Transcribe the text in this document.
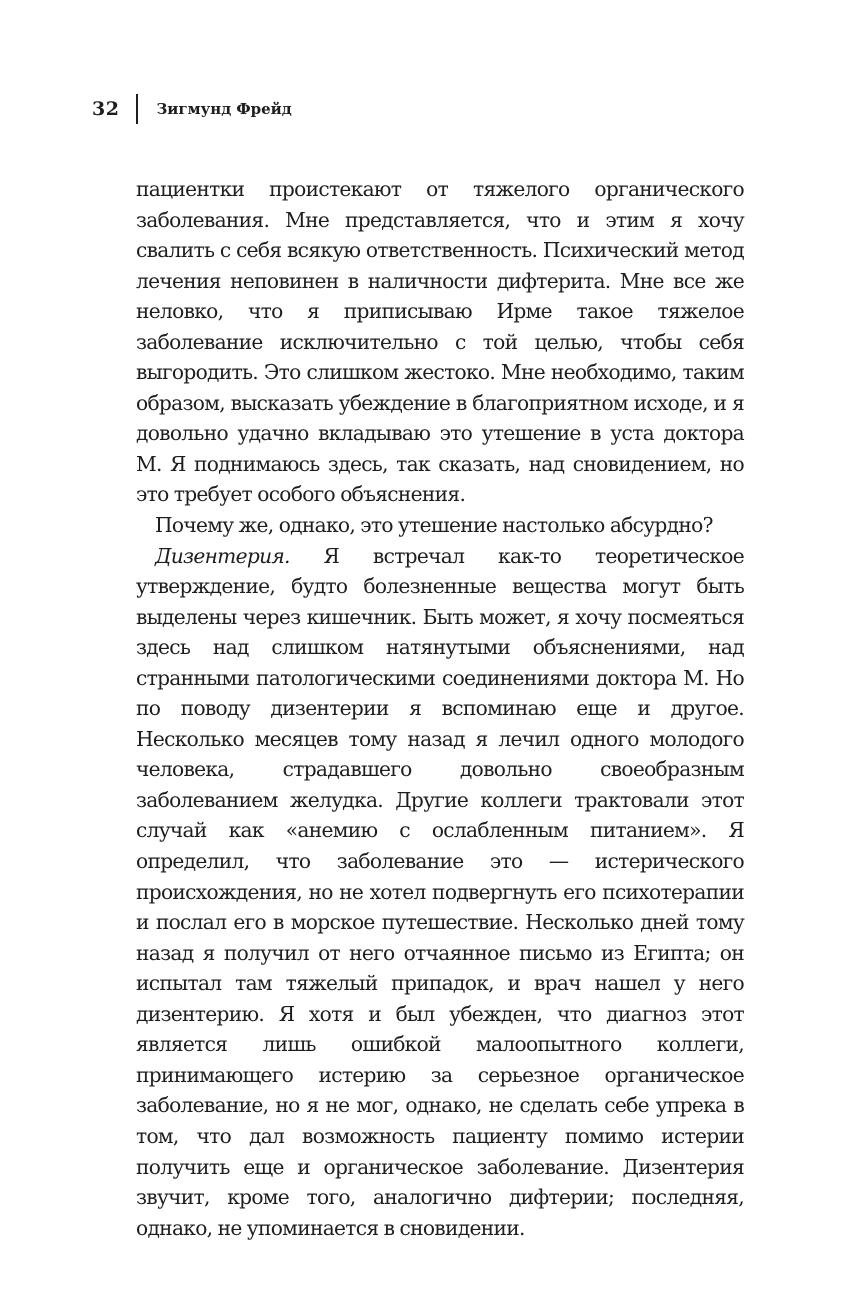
32 Зигмунд Фрейд

пациентки проистекают от тяжелого органического заболевания. Мне представляется, что и этим я хочу свалить с себя всякую ответственность. Психический метод лечения неповинен в наличности дифтерита. Мне все же неловко, что я приписываю Ирме такое тяжелое заболевание исключительно с той целью, чтобы себя выгородить. Это слишком жестоко. Мне необходимо, таким образом, высказать убеждение в благоприятном исходе, и я довольно удачно вкладываю это утешение в уста доктора М. Я поднимаюсь здесь, так сказать, над сновидением, но это требует особого объяснения.

Почему же, однако, это утешение настолько абсурдно?

Дизентерия. Я встречал как-то теоретическое утверждение, будто болезненные вещества могут быть выделены через кишечник. Быть может, я хочу посмеяться здесь над слишком натянутыми объяснениями, над странными патологическими соединениями доктора М. Но по поводу дизентерии я вспоминаю еще и другое. Несколько месяцев тому назад я лечил одного молодого человека, страдавшего довольно своеобразным заболеванием желудка. Другие коллеги трактовали этот случай как «анемию с ослабленным питанием». Я определил, что заболевание это — истерического происхождения, но не хотел подвергнуть его психотерапии и послал его в морское путешествие. Несколько дней тому назад я получил от него отчаянное письмо из Египта; он испытал там тяжелый припадок, и врач нашел у него дизентерию. Я хотя и был убежден, что диагноз этот является лишь ошибкой малоопытного коллеги, принимающего истерию за серьезное органическое заболевание, но я не мог, однако, не сделать себе упрека в том, что дал возможность пациенту помимо истерии получить еще и органическое заболевание. Дизентерия звучит, кроме того, аналогично дифтерии; последняя, однако, не упоминается в сновидении.
